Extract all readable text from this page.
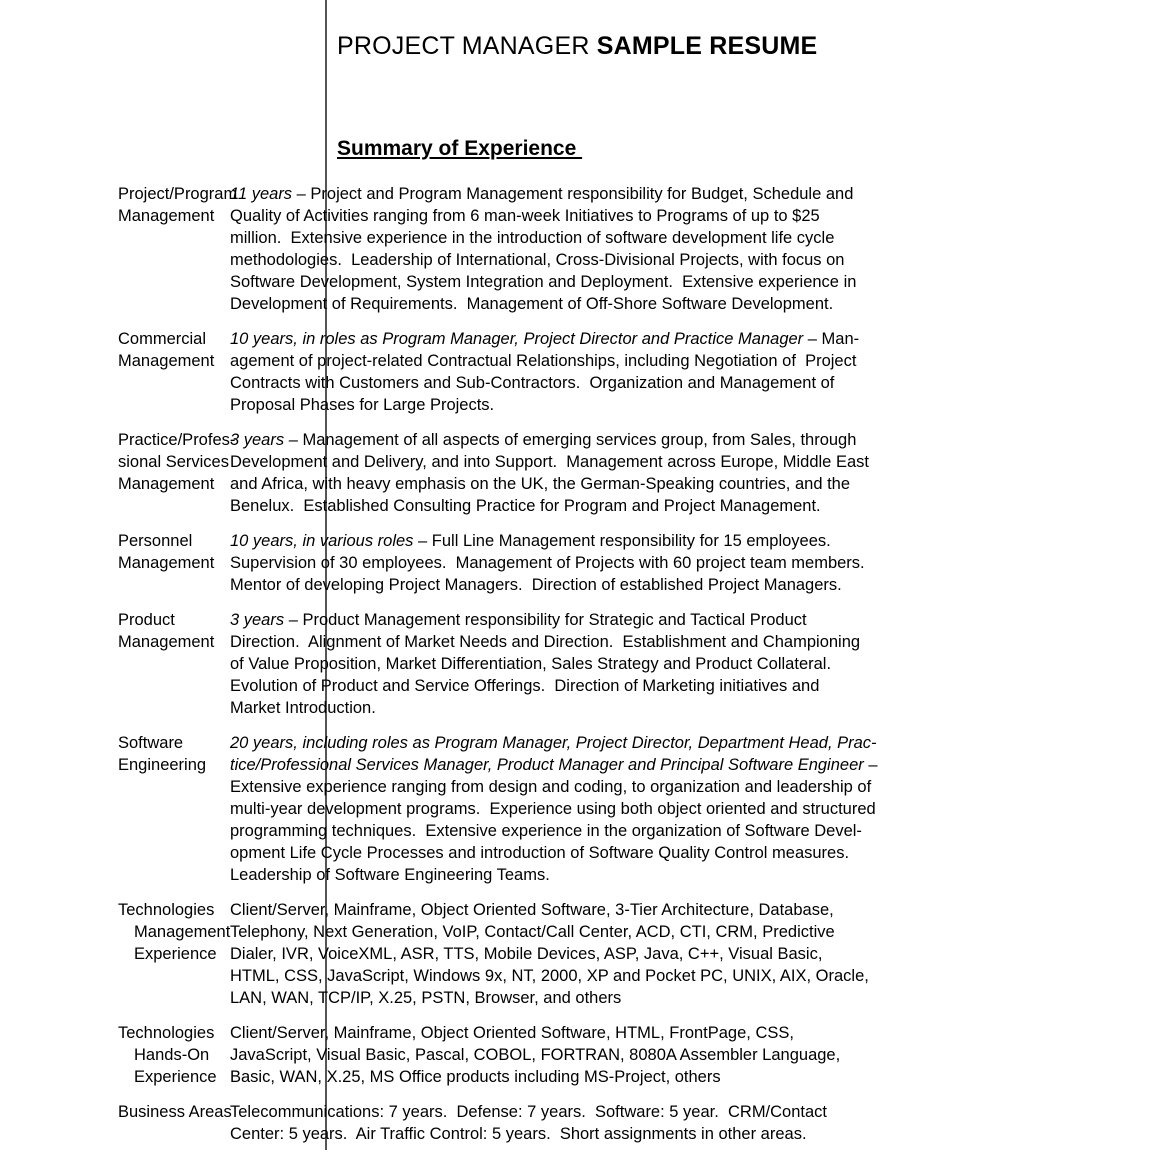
PROJECT MANAGER SAMPLE RESUME
Summary of Experience
Project/Program
Management
11 years – Project and Program Management responsibility for Budget, Schedule and
Quality of Activities ranging from 6 man-week Initiatives to Programs of up to $25
million.  Extensive experience in the introduction of software development life cycle
methodologies.  Leadership of International, Cross-Divisional Projects, with focus on
Software Development, System Integration and Deployment.  Extensive experience in
Development of Requirements.  Management of Off-Shore Software Development.
Commercial
Management
10 years, in roles as Program Manager, Project Director and Practice Manager – Man-
agement of project-related Contractual Relationships, including Negotiation of  Project
Contracts with Customers and Sub-Contractors.  Organization and Management of
Proposal Phases for Large Projects.
Practice/Profes-
sional Services
Management
3 years – Management of all aspects of emerging services group, from Sales, through
Development and Delivery, and into Support.  Management across Europe, Middle East
and Africa, with heavy emphasis on the UK, the German-Speaking countries, and the
Benelux.  Established Consulting Practice for Program and Project Management.
Personnel
Management
10 years, in various roles – Full Line Management responsibility for 15 employees.
Supervision of 30 employees.  Management of Projects with 60 project team members.
Mentor of developing Project Managers.  Direction of established Project Managers.
Product
Management
3 years – Product Management responsibility for Strategic and Tactical Product
Direction.  Alignment of Market Needs and Direction.  Establishment and Championing
of Value Proposition, Market Differentiation, Sales Strategy and Product Collateral.
Evolution of Product and Service Offerings.  Direction of Marketing initiatives and
Market Introduction.
Software
Engineering
20 years, including roles as Program Manager, Project Director, Department Head, Prac-
tice/Professional Services Manager, Product Manager and Principal Software Engineer –
Extensive experience ranging from design and coding, to organization and leadership of
multi-year development programs.  Experience using both object oriented and structured
programming techniques.  Extensive experience in the organization of Software Devel-
opment Life Cycle Processes and introduction of Software Quality Control measures.
Leadership of Software Engineering Teams.
Technologies
Management
Experience
Client/Server, Mainframe, Object Oriented Software, 3-Tier Architecture, Database,
Telephony, Next Generation, VoIP, Contact/Call Center, ACD, CTI, CRM, Predictive
Dialer, IVR, VoiceXML, ASR, TTS, Mobile Devices, ASP, Java, C++, Visual Basic,
HTML, CSS, JavaScript, Windows 9x, NT, 2000, XP and Pocket PC, UNIX, AIX, Oracle,
LAN, WAN, TCP/IP, X.25, PSTN, Browser, and others
Technologies
Hands-On
Experience
Client/Server, Mainframe, Object Oriented Software, HTML, FrontPage, CSS,
JavaScript, Visual Basic, Pascal, COBOL, FORTRAN, 8080A Assembler Language,
Basic, WAN, X.25, MS Office products including MS-Project, others
Business Areas
Telecommunications: 7 years.  Defense: 7 years.  Software: 5 year.  CRM/Contact
Center: 5 years.  Air Traffic Control: 5 years.  Short assignments in other areas.
